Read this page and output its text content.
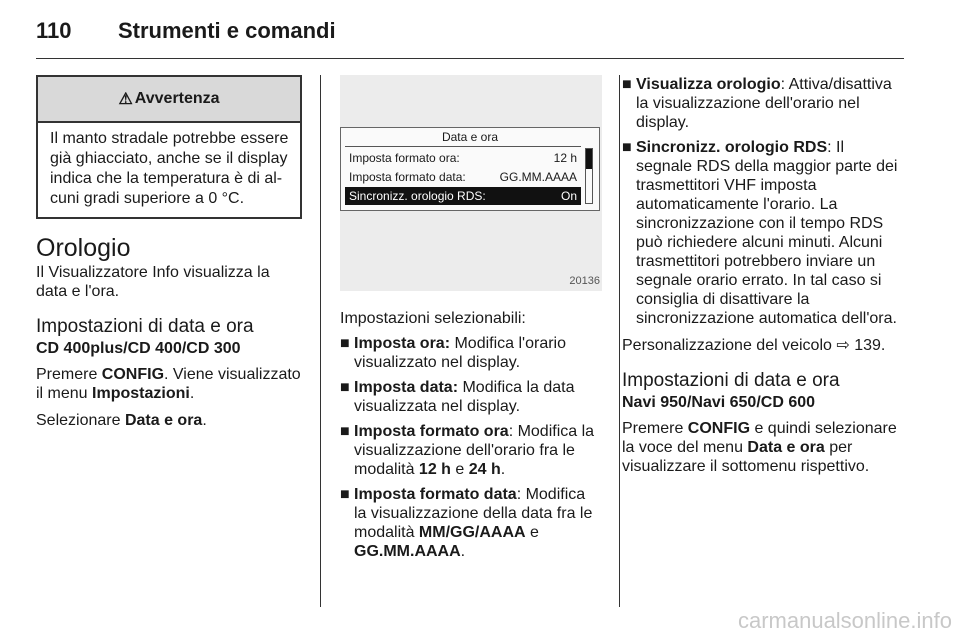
110 Strumenti e comandi
⚠ Avvertenza
Il manto stradale potrebbe essere già ghiacciato, anche se il display indica che la temperatura è di al-cuni gradi superiore a 0 °C.
Orologio

Il Visualizzatore Info visualizza la data e l'ora.

Impostazioni di data e ora
CD 400plus/CD 400/CD 300

Premere CONFIG. Viene visualizzato il menu Impostazioni.

Selezionare Data e ora.

Data e ora
Imposta formato ora:	12 h
Imposta formato data:	GG.MM.AAAA
Sincronizz. orologio RDS:	On
20136

Impostazioni selezionabili:

■ Imposta ora: Modifica l'orario visualizzato nel display.
■ Imposta data: Modifica la data visualizzata nel display.
■ Imposta formato ora: Modifica la visualizzazione dell'orario fra le modalità 12 h e 24 h.
■ Imposta formato data: Modifica la visualizzazione della data fra le modalità MM/GG/AAAA e GG.MM.AAAA.
■ Visualizza orologio: Attiva/disattiva la visualizzazione dell'orario nel display.
■ Sincronizz. orologio RDS: Il segnale RDS della maggior parte dei trasmettitori VHF imposta automaticamente l'orario. La sincronizzazione con il tempo RDS può richiedere alcuni minuti. Alcuni trasmettitori potrebbero inviare un segnale orario errato. In tal caso si consiglia di disattivare la sincronizzazione automatica dell'ora.

Personalizzazione del veicolo ⇨ 139.

Impostazioni di data e ora
Navi 950/Navi 650/CD 600

Premere CONFIG e quindi selezionare la voce del menu Data e ora per visualizzare il sottomenu rispettivo.

carmanualsonline.info
